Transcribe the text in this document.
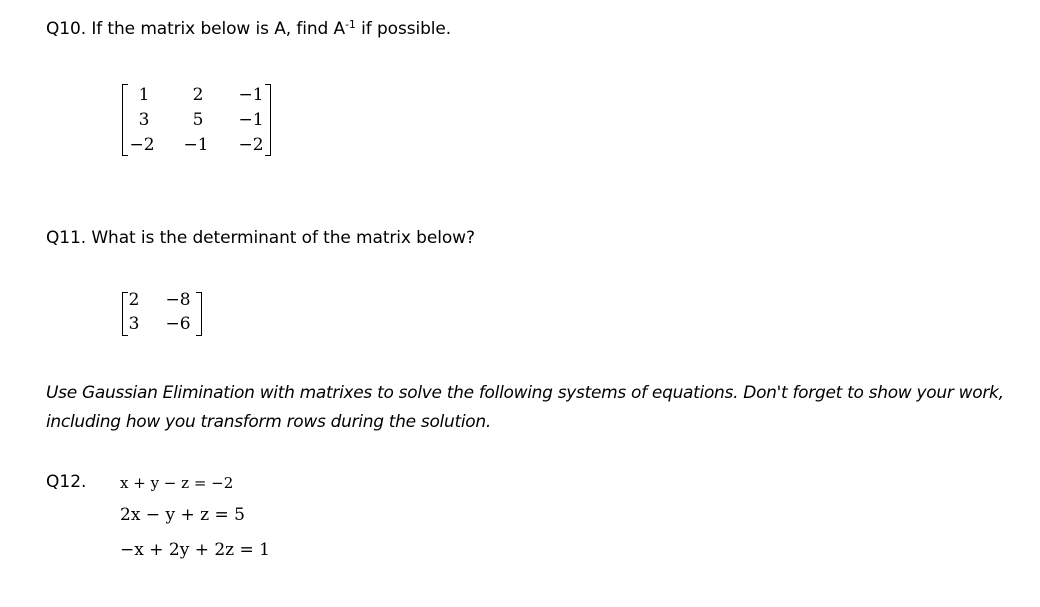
Q10. If the matrix below is A, find $A^{-1}$ if possible.
1	2 −1
3	5 −1
−2 −1 −2
Q11. What is the determinant of the matrix below?
2 −8
3 −6
Use Gaussian Elimination with matrixes to solve the following systems of equations. Don't forget to show your work, including how you transform rows during the solution.
Q12. x + y − z = −2
2x − y + z = 5
−x + 2y + 2z = 1
